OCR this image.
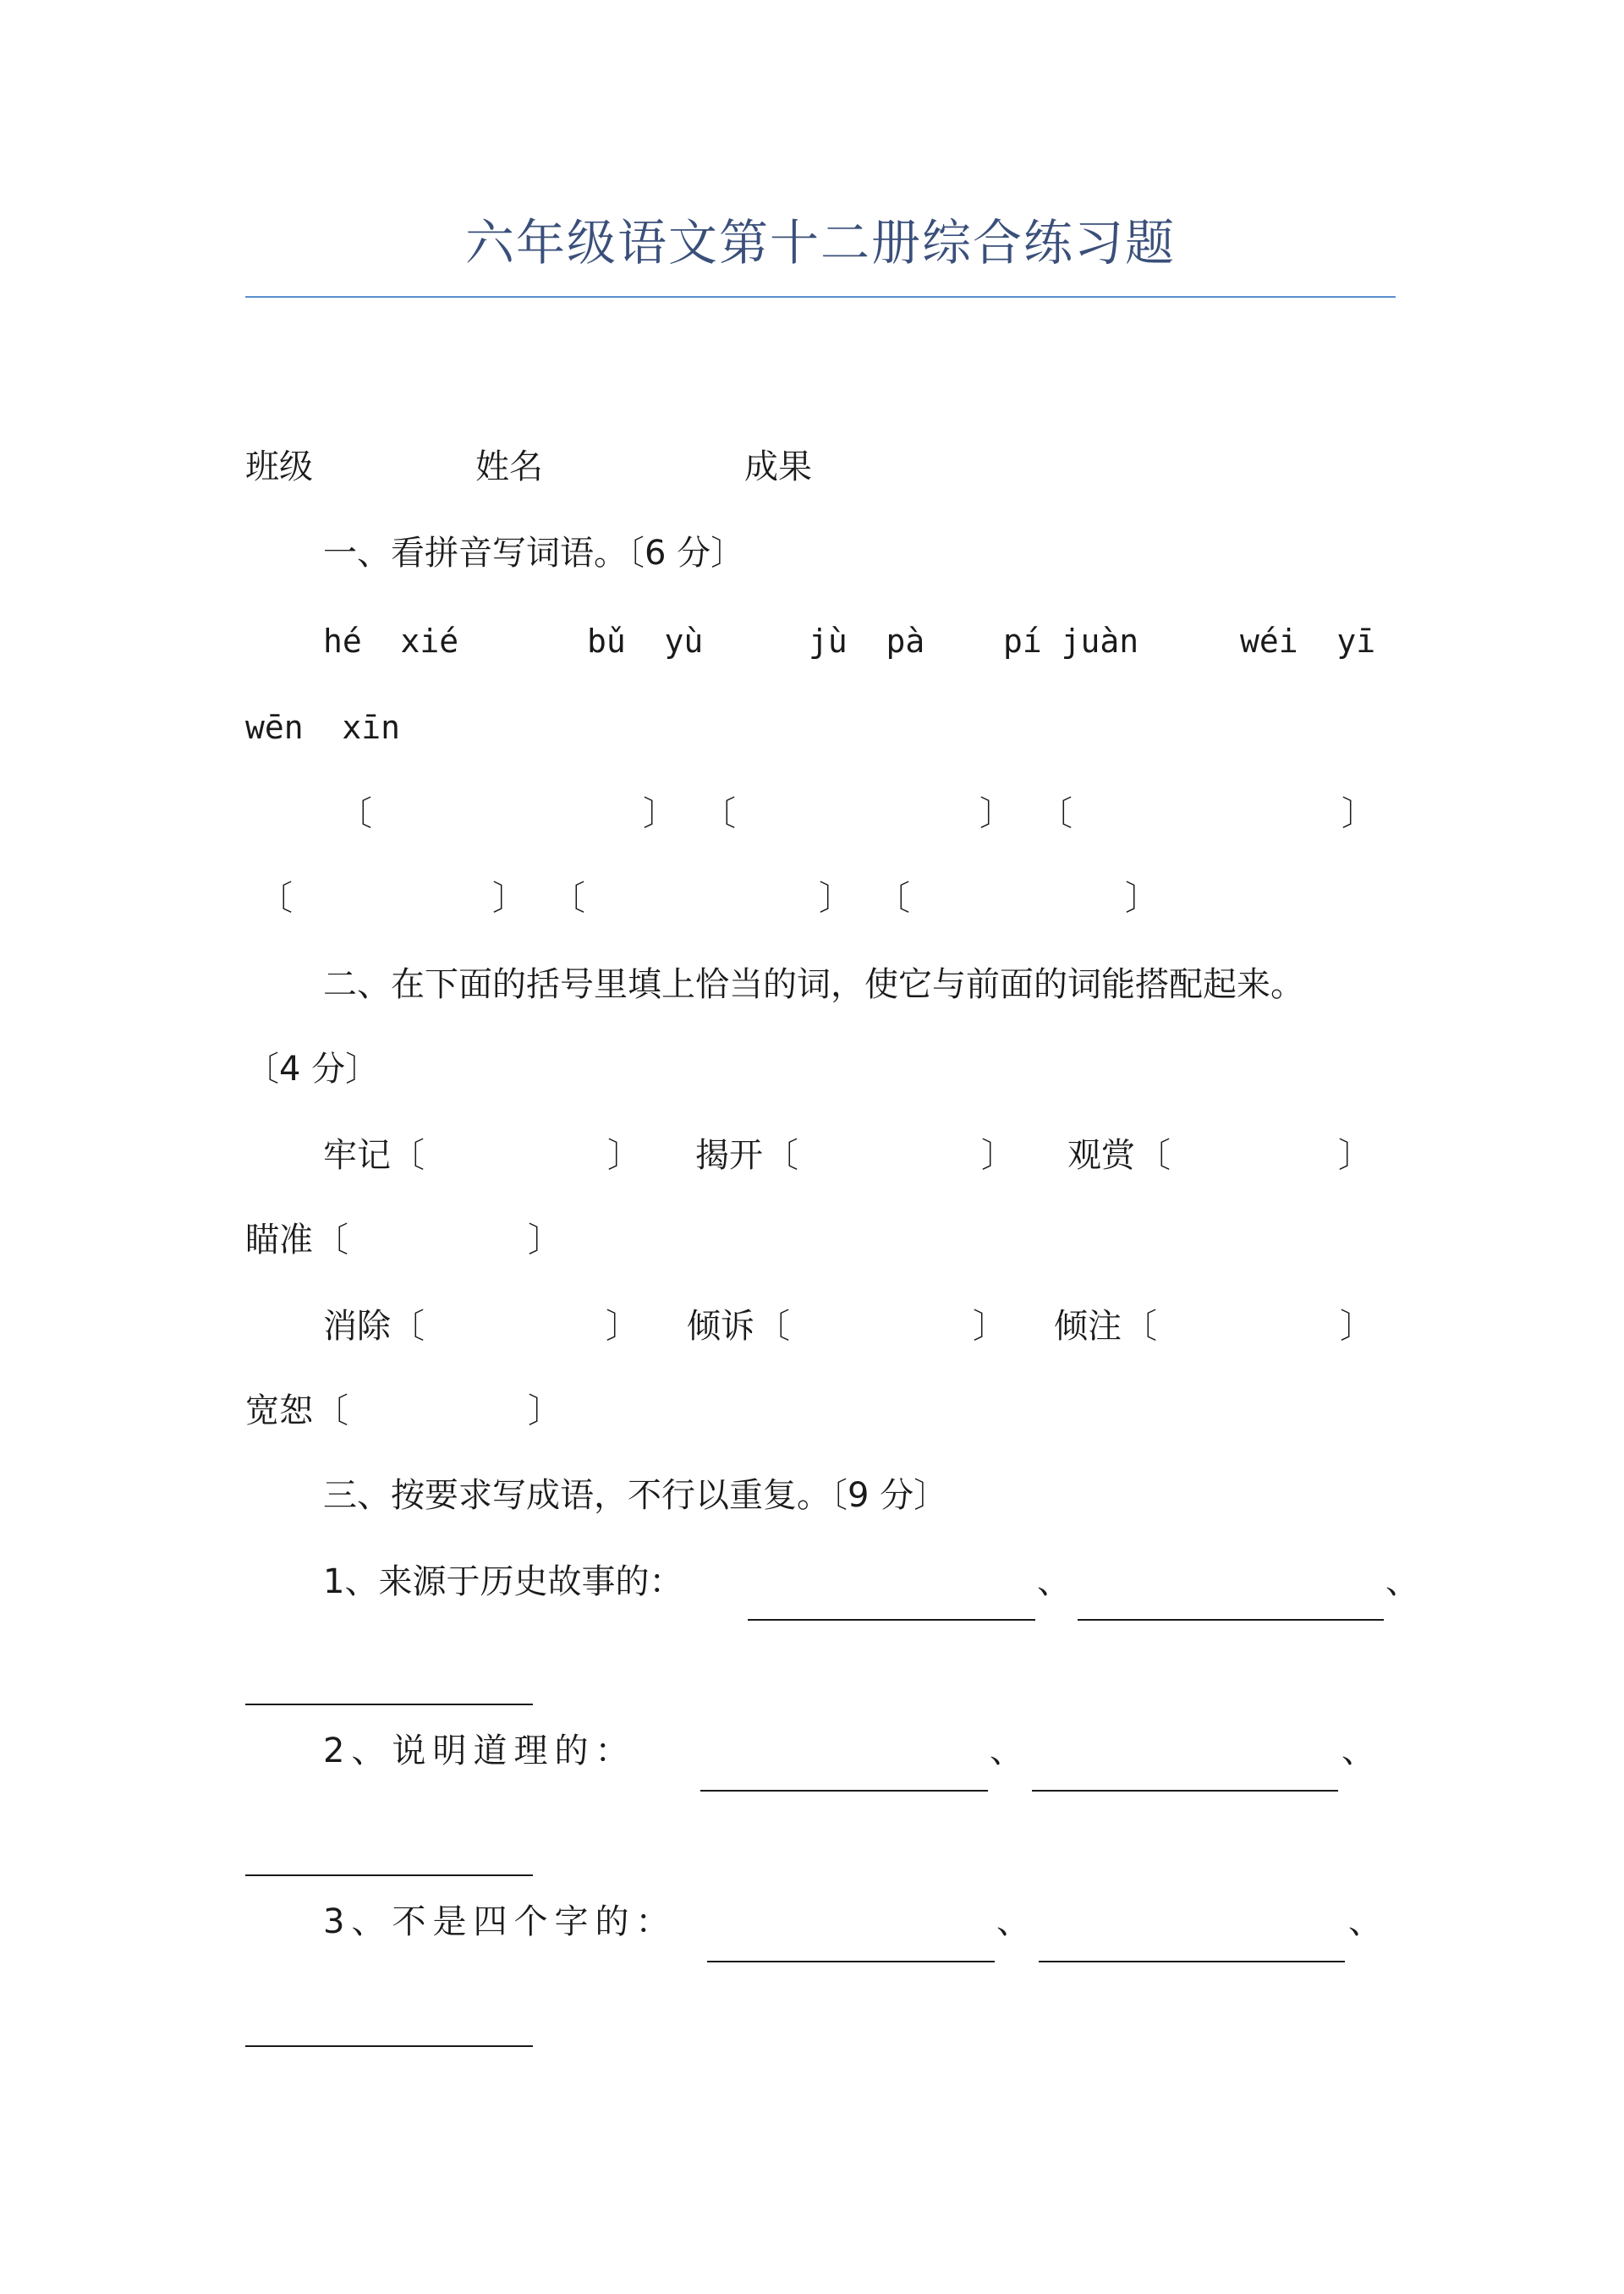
六年级语文第十二册综合练习题
班级	姓名	成果
一、看拼音写词语。〔6 分〕
hé  xié	bǔ  yù	jù  pà pí juàn	wéi  yī
wēn  xīn
〔	〕 〔	〕 〔	〕
〔	〕 〔	〕 〔	〕
二、在下面的括号里填上恰当的词，使它与前面的词能搭配起来。
〔4 分〕
牢记 〔	〕 揭开 〔	〕 观赏 〔	〕
瞄准 〔	〕
消除 〔	〕 倾诉 〔	〕 倾注 〔	〕
宽恕 〔	〕
三、按要求写成语，不行以重复。〔9 分〕
1、来源于历史故事的：	、	、
2、说明道理的：	、	、
3、不是四个字的：	、	、
